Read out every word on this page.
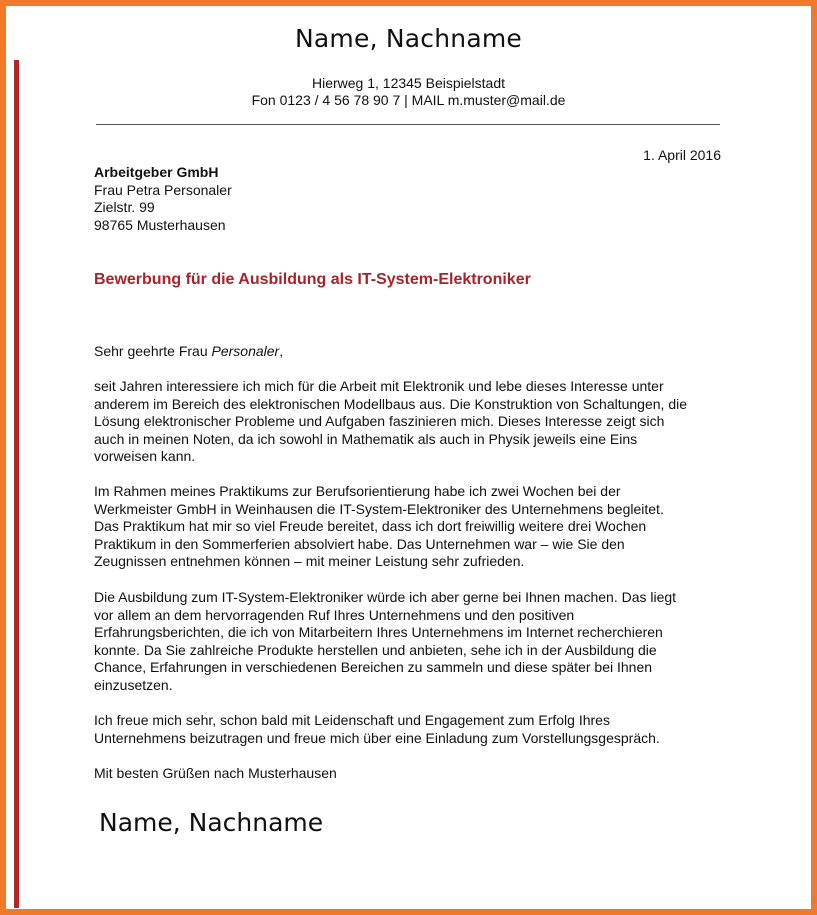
Name, Nachname
Hierweg 1, 12345 Beispielstadt
Fon 0123 / 4 56 78 90 7 | MAIL m.muster@mail.de
1. April 2016
Arbeitgeber GmbH
Frau Petra Personaler
Zielstr. 99
98765 Musterhausen
Bewerbung für die Ausbildung als IT-System-Elektroniker
Sehr geehrte Frau Personaler,
seit Jahren interessiere ich mich für die Arbeit mit Elektronik und lebe dieses Interesse unter
anderem im Bereich des elektronischen Modellbaus aus. Die Konstruktion von Schaltungen, die
Lösung elektronischer Probleme und Aufgaben faszinieren mich. Dieses Interesse zeigt sich
auch in meinen Noten, da ich sowohl in Mathematik als auch in Physik jeweils eine Eins
vorweisen kann.
Im Rahmen meines Praktikums zur Berufsorientierung habe ich zwei Wochen bei der
Werkmeister GmbH in Weinhausen die IT-System-Elektroniker des Unternehmens begleitet.
Das Praktikum hat mir so viel Freude bereitet, dass ich dort freiwillig weitere drei Wochen
Praktikum in den Sommerferien absolviert habe. Das Unternehmen war – wie Sie den
Zeugnissen entnehmen können – mit meiner Leistung sehr zufrieden.
Die Ausbildung zum IT-System-Elektroniker würde ich aber gerne bei Ihnen machen. Das liegt
vor allem an dem hervorragenden Ruf Ihres Unternehmens und den positiven
Erfahrungsberichten, die ich von Mitarbeitern Ihres Unternehmens im Internet recherchieren
konnte. Da Sie zahlreiche Produkte herstellen und anbieten, sehe ich in der Ausbildung die
Chance, Erfahrungen in verschiedenen Bereichen zu sammeln und diese später bei Ihnen
einzusetzen.
Ich freue mich sehr, schon bald mit Leidenschaft und Engagement zum Erfolg Ihres
Unternehmens beizutragen und freue mich über eine Einladung zum Vorstellungsgespräch.
Mit besten Grüßen nach Musterhausen
Name, Nachname
